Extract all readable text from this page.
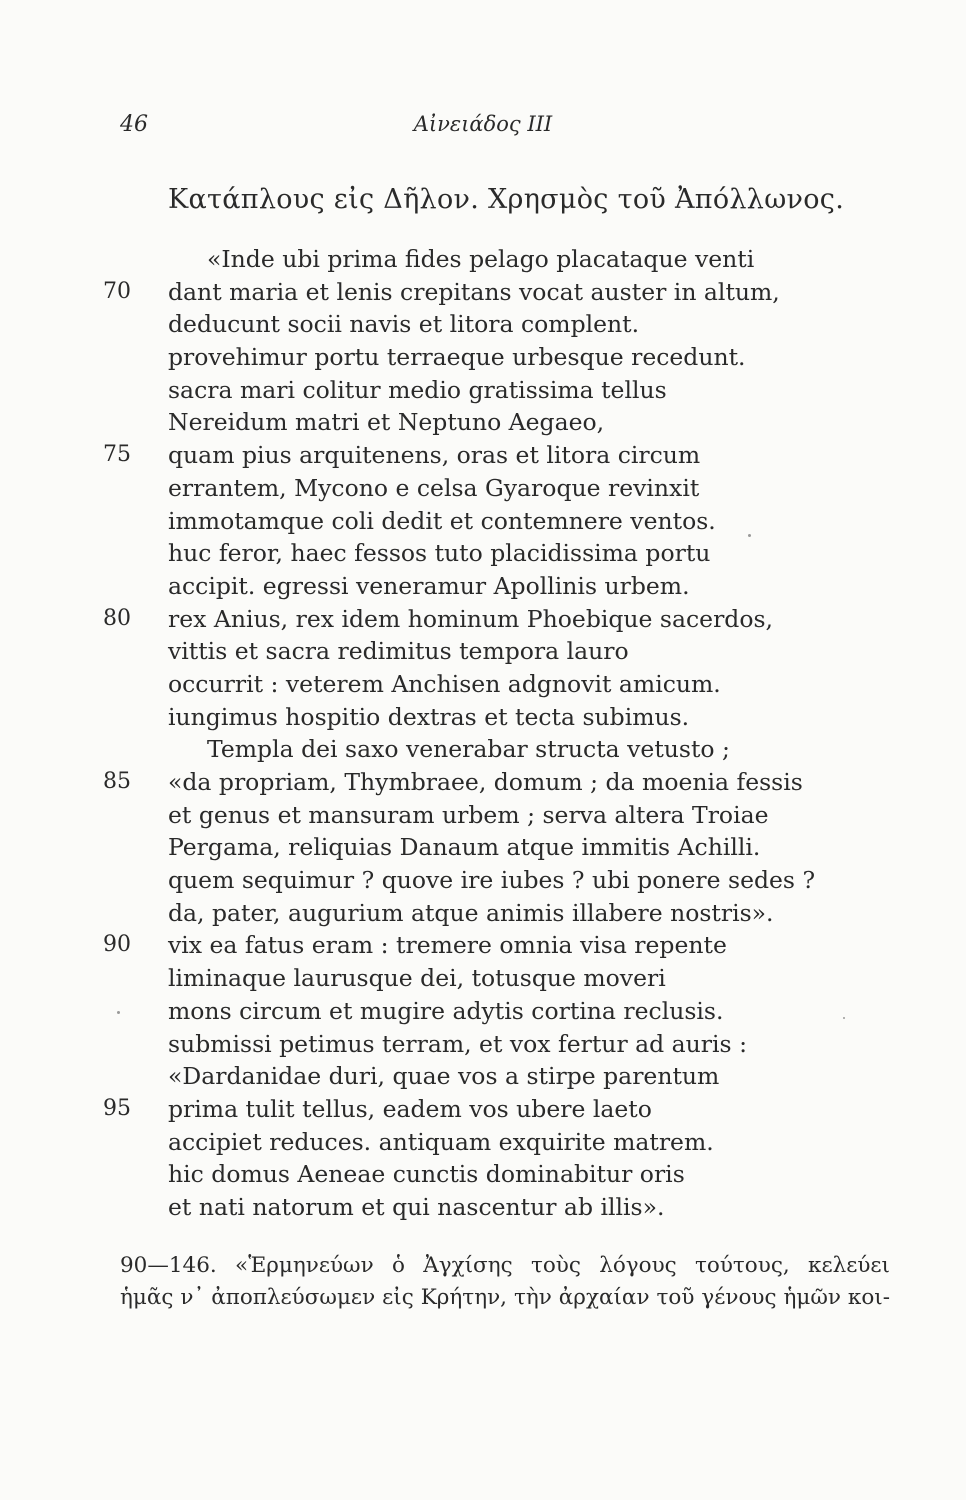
46	Αἰνειάδος III
Κατάπλους εἰς Δῆλον. Χρησμὸς τοῦ Ἀπόλλωνος.
«Inde ubi prima fides pelago placataque venti
70	dant maria et lenis crepitans vocat auster in altum,
deducunt socii navis et litora complent.
provehimur portu terraeque urbesque recedunt.
sacra mari colitur medio gratissima tellus
Nereidum matri et Neptuno Aegaeo,
75	quam pius arquitenens, oras et litora circum
errantem, Mycono e celsa Gyaroque revinxit
immotamque coli dedit et contemnere ventos.
huc feror, haec fessos tuto placidissima portu
accipit. egressi veneramur Apollinis urbem.
80	rex Anius, rex idem hominum Phoebique sacerdos,
vittis et sacra redimitus tempora lauro
occurrit : veterem Anchisen adgnovit amicum.
iungimus hospitio dextras et tecta subimus.
Templa dei saxo venerabar structa vetusto ;
85	«da propriam, Thymbraee, domum ; da moenia fessis
et genus et mansuram urbem ; serva altera Troiae
Pergama, reliquias Danaum atque immitis Achilli.
quem sequimur ? quove ire iubes ? ubi ponere sedes ?
da, pater, augurium atque animis illabere nostris».
90	vix ea fatus eram : tremere omnia visa repente
liminaque laurusque dei, totusque moveri
mons circum et mugire adytis cortina reclusis.
submissi petimus terram, et vox fertur ad auris :
«Dardanidae duri, quae vos a stirpe parentum
95	prima tulit tellus, eadem vos ubere laeto
accipiet reduces. antiquam exquirite matrem.
hic domus Aeneae cunctis dominabitur oris
et nati natorum et qui nascentur ab illis».
90—146. «Ἑρμηνεύων ὁ Ἀγχίσης τοὺς λόγους τούτους, κελεύει
ἡμᾶς ν᾽ ἀποπλεύσωμεν εἰς Κρήτην, τὴν ἀρχαίαν τοῦ γένους ἡμῶν κοι-
